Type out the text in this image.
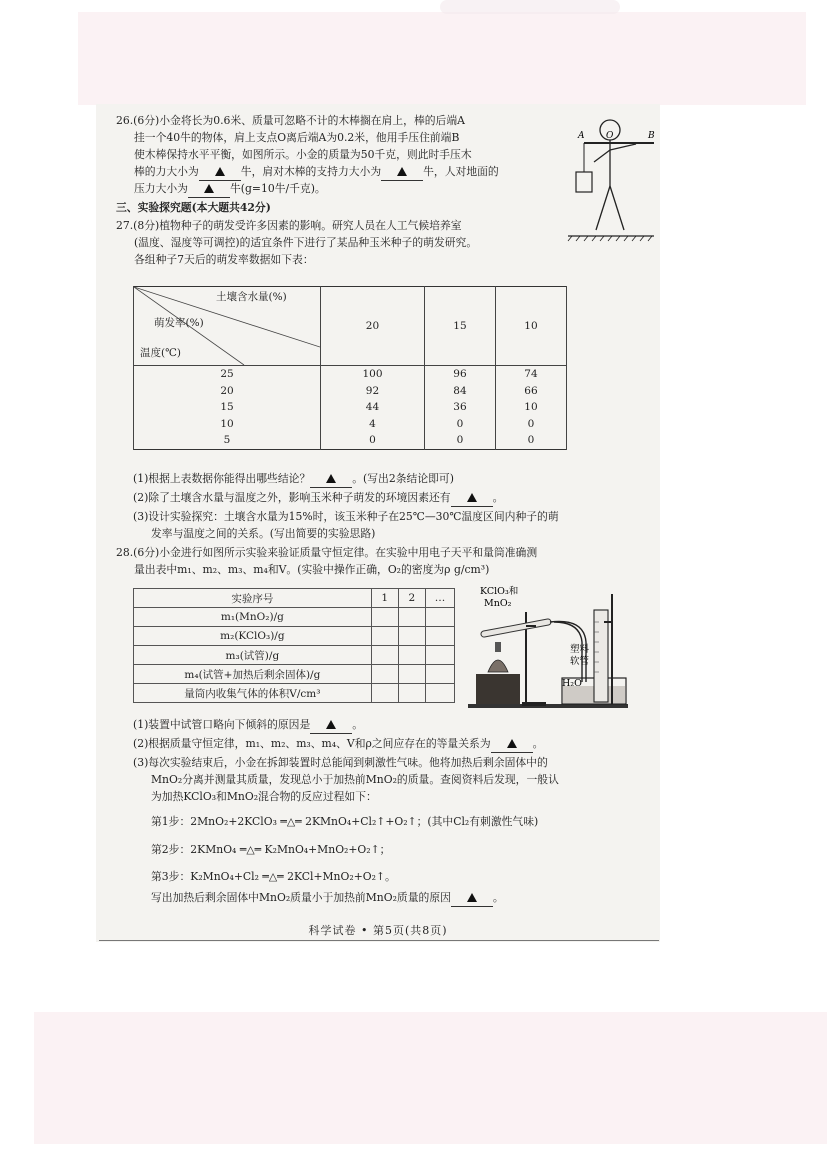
26.(6分)小金将长为0.6米、质量可忽略不计的木棒搁在肩上，棒的后端A
挂一个40牛的物体，肩上支点O离后端A为0.2米，他用手压住前端B
使木棒保持水平平衡，如图所示。小金的质量为50千克，则此时手压木
棒的力大小为	牛，肩对木棒的支持力大小为	牛，人对地面的
压力大小为	牛(g=10牛/千克)。
A O	B
三、实验探究题(本大题共42分)
27.(8分)植物种子的萌发受许多因素的影响。研究人员在人工气候培养室
(温度、湿度等可调控)的适宜条件下进行了某品种玉米种子的萌发研究。
各组种子7天后的萌发率数据如下表：
土壤含水量(%)
萌发率(%)
温度(℃)	20	15	10
25	100	96	74
20	92	84	66
15	44	36	10
10	4	0	0
5	0	0	0
(1)根据上表数据你能得出哪些结论？	。(写出2条结论即可)
(2)除了土壤含水量与温度之外，影响玉米种子萌发的环境因素还有	。
(3)设计实验探究：土壤含水量为15%时，该玉米种子在25℃—30℃温度区间内种子的萌
发率与温度之间的关系。(写出简要的实验思路)
28.(6分)小金进行如图所示实验来验证质量守恒定律。在实验中用电子天平和量筒准确测
量出表中m₁、m₂、m₃、m₄和V。(实验中操作正确，O₂的密度为ρ g/cm³)
实验序号	1	2	…
m₁(MnO₂)/g			
m₂(KClO₃)/g			
m₃(试管)/g			
m₄(试管+加热后剩余固体)/g			
量筒内收集气体的体积V/cm³			
KClO₃和
MnO₂
塑料
软管
H₂O
(1)装置中试管口略向下倾斜的原因是	。
(2)根据质量守恒定律，m₁、m₂、m₃、m₄、V和ρ之间应存在的等量关系为	。
(3)每次实验结束后，小金在拆卸装置时总能闻到刺激性气味。他将加热后剩余固体中的
MnO₂分离并测量其质量，发现总小于加热前MnO₂的质量。查阅资料后发现，一般认
为加热KClO₃和MnO₂混合物的反应过程如下：
第1步：2MnO₂+2KClO₃ ═△═ 2KMnO₄+Cl₂↑+O₂↑；(其中Cl₂有刺激性气味)
第2步：2KMnO₄ ═△═ K₂MnO₄+MnO₂+O₂↑；
第3步：K₂MnO₄+Cl₂ ═△═ 2KCl+MnO₂+O₂↑。
写出加热后剩余固体中MnO₂质量小于加热前MnO₂质量的原因	。
科学试卷 • 第5页(共8页)
